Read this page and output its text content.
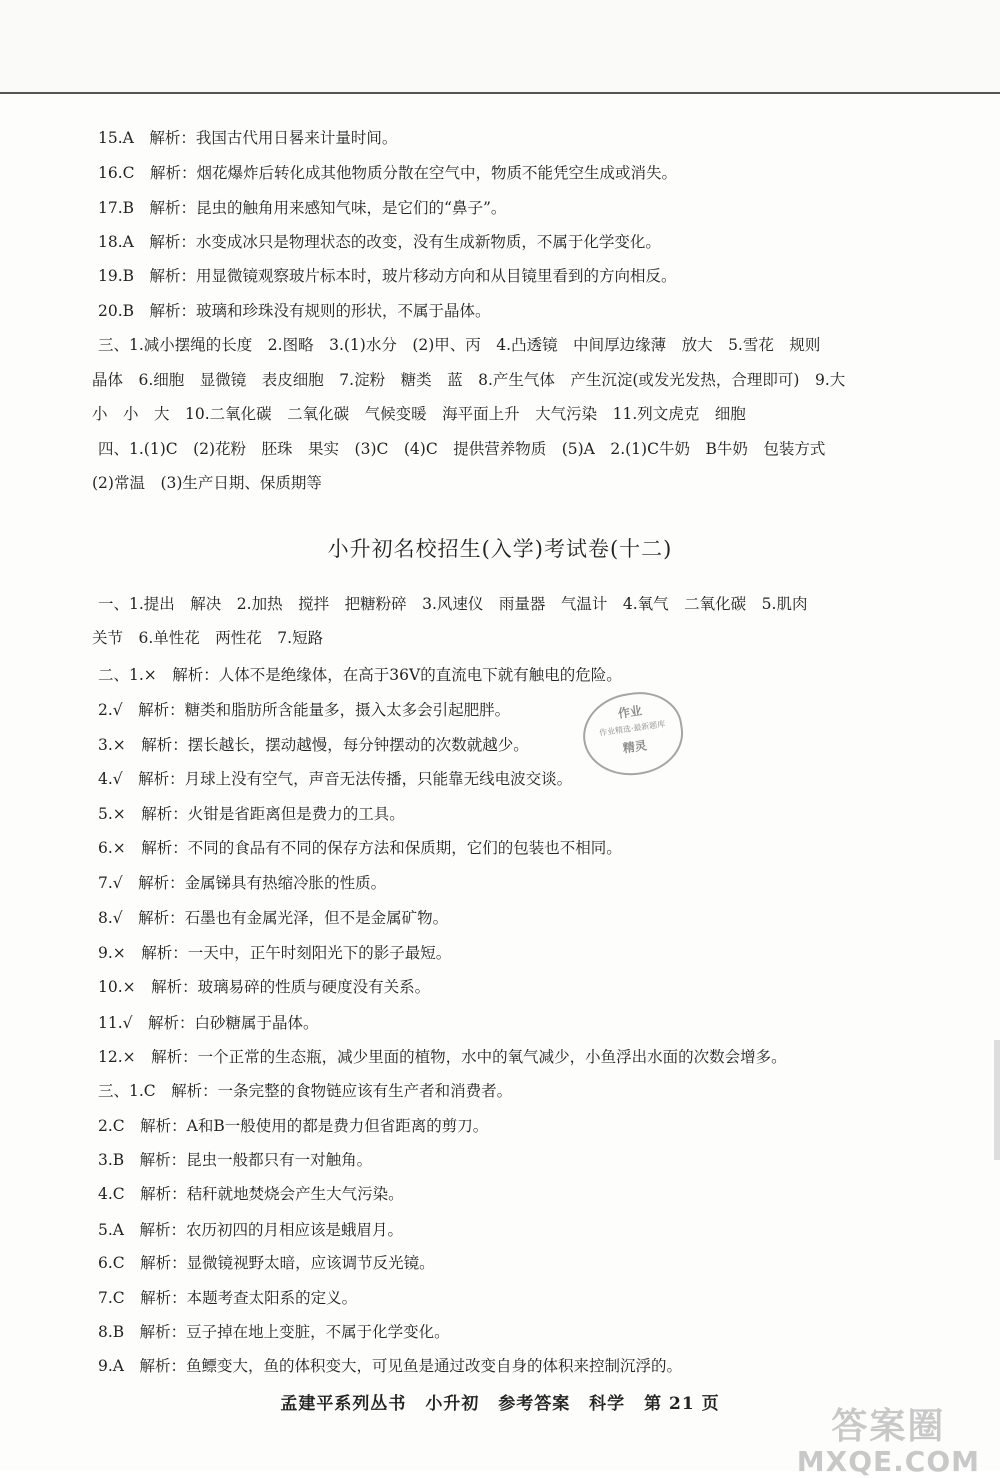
15.A　解析：我国古代用日晷来计量时间。
16.C　解析：烟花爆炸后转化成其他物质分散在空气中，物质不能凭空生成或消失。
17.B　解析：昆虫的触角用来感知气味，是它们的“鼻子”。
18.A　解析：水变成冰只是物理状态的改变，没有生成新物质，不属于化学变化。
19.B　解析：用显微镜观察玻片标本时，玻片移动方向和从目镜里看到的方向相反。
20.B　解析：玻璃和珍珠没有规则的形状，不属于晶体。
三、1.减小摆绳的长度　2.图略　3.(1)水分　(2)甲、丙　4.凸透镜　中间厚边缘薄　放大　5.雪花　规则
晶体　6.细胞　显微镜　表皮细胞　7.淀粉　糖类　蓝　8.产生气体　产生沉淀(或发光发热，合理即可)　9.大
小　小　大　10.二氧化碳　二氧化碳　气候变暖　海平面上升　大气污染　11.列文虎克　细胞
四、1.(1)C　(2)花粉　胚珠　果实　(3)C　(4)C　提供营养物质　(5)A　2.(1)C牛奶　B牛奶　包装方式
(2)常温　(3)生产日期、保质期等
小升初名校招生(入学)考试卷(十二)
一、1.提出　解决　2.加热　搅拌　把糖粉碎　3.风速仪　雨量器　气温计　4.氧气　二氧化碳　5.肌肉
关节　6.单性花　两性花　7.短路
二、1.×　解析：人体不是绝缘体，在高于36V的直流电下就有触电的危险。
2.√　解析：糖类和脂肪所含能量多，摄入太多会引起肥胖。
3.×　解析：摆长越长，摆动越慢，每分钟摆动的次数就越少。
4.√　解析：月球上没有空气，声音无法传播，只能靠无线电波交谈。
5.×　解析：火钳是省距离但是费力的工具。
6.×　解析：不同的食品有不同的保存方法和保质期，它们的包装也不相同。
7.√　解析：金属锑具有热缩冷胀的性质。
8.√　解析：石墨也有金属光泽，但不是金属矿物。
9.×　解析：一天中，正午时刻阳光下的影子最短。
10.×　解析：玻璃易碎的性质与硬度没有关系。
11.√　解析：白砂糖属于晶体。
12.×　解析：一个正常的生态瓶，减少里面的植物，水中的氧气减少，小鱼浮出水面的次数会增多。
三、1.C　解析：一条完整的食物链应该有生产者和消费者。
2.C　解析：A和B一般使用的都是费力但省距离的剪刀。
3.B　解析：昆虫一般都只有一对触角。
4.C　解析：秸秆就地焚烧会产生大气污染。
5.A　解析：农历初四的月相应该是蛾眉月。
6.C　解析：显微镜视野太暗，应该调节反光镜。
7.C　解析：本题考查太阳系的定义。
8.B　解析：豆子掉在地上变脏，不属于化学变化。
9.A　解析：鱼鳔变大，鱼的体积变大，可见鱼是通过改变自身的体积来控制沉浮的。
作业
作业精选·最新题库
精灵
孟建平系列丛书 小升初 参考答案 科学 第 21 页
答案圈
MXQE.COM
